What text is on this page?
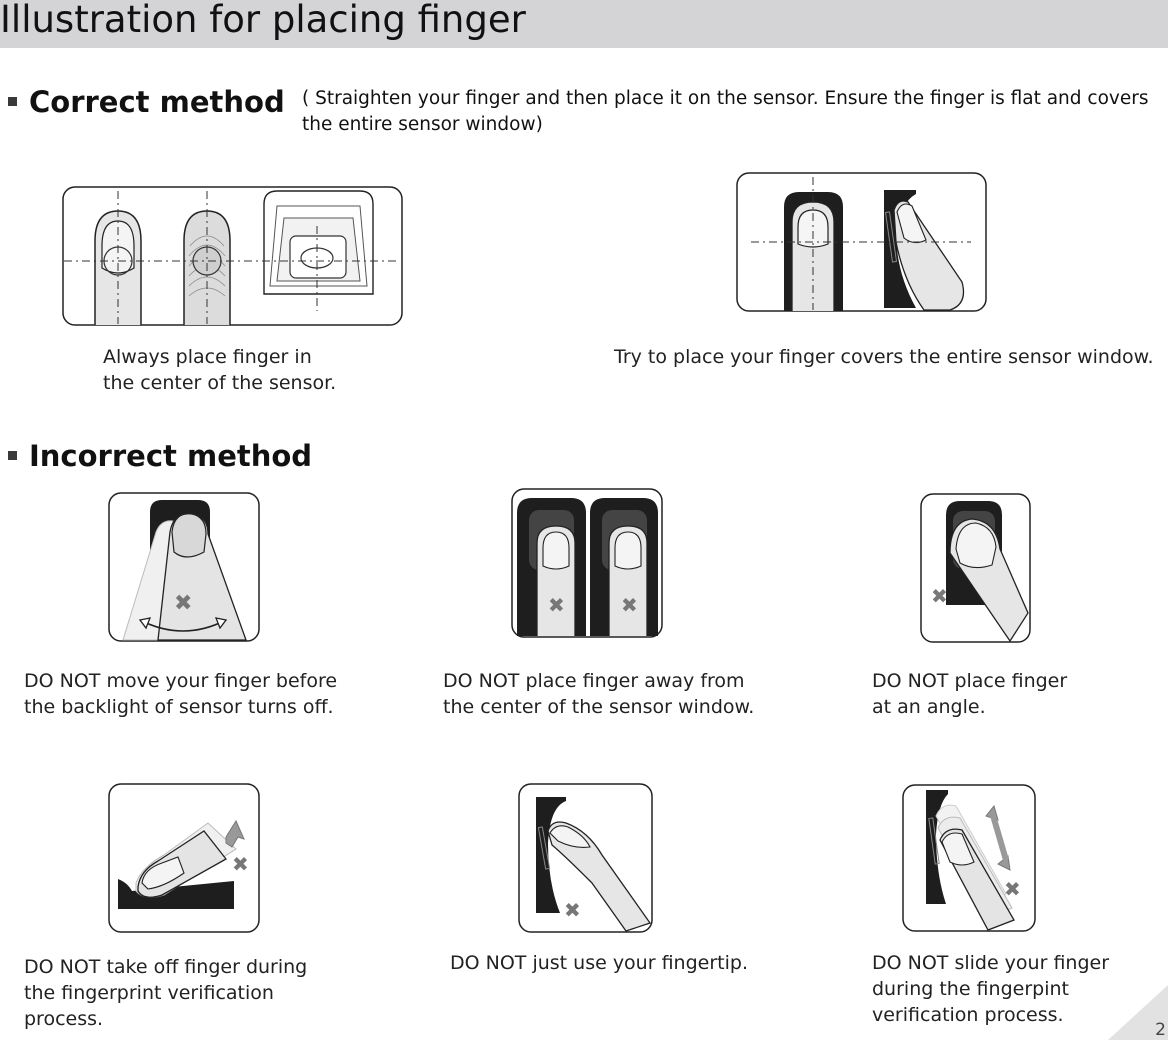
Illustration for placing finger
Correct method ( Straighten your finger and then place it on the sensor. Ensure the finger is flat and covers the entire sensor window)
Always place finger in
the center of the sensor.
Try to place your finger covers the entire sensor window.
Incorrect method
✖	✖	✖	✖
DO NOT move your finger before
the backlight of sensor turns off.
DO NOT place finger away from
the center of the sensor window.
DO NOT place finger
at an angle.
✖
✖
✖
DO NOT take off finger during
the fingerprint verification
process.
DO NOT just use your fingertip.	DO NOT slide your finger
during the fingerpint
verification process.
2
